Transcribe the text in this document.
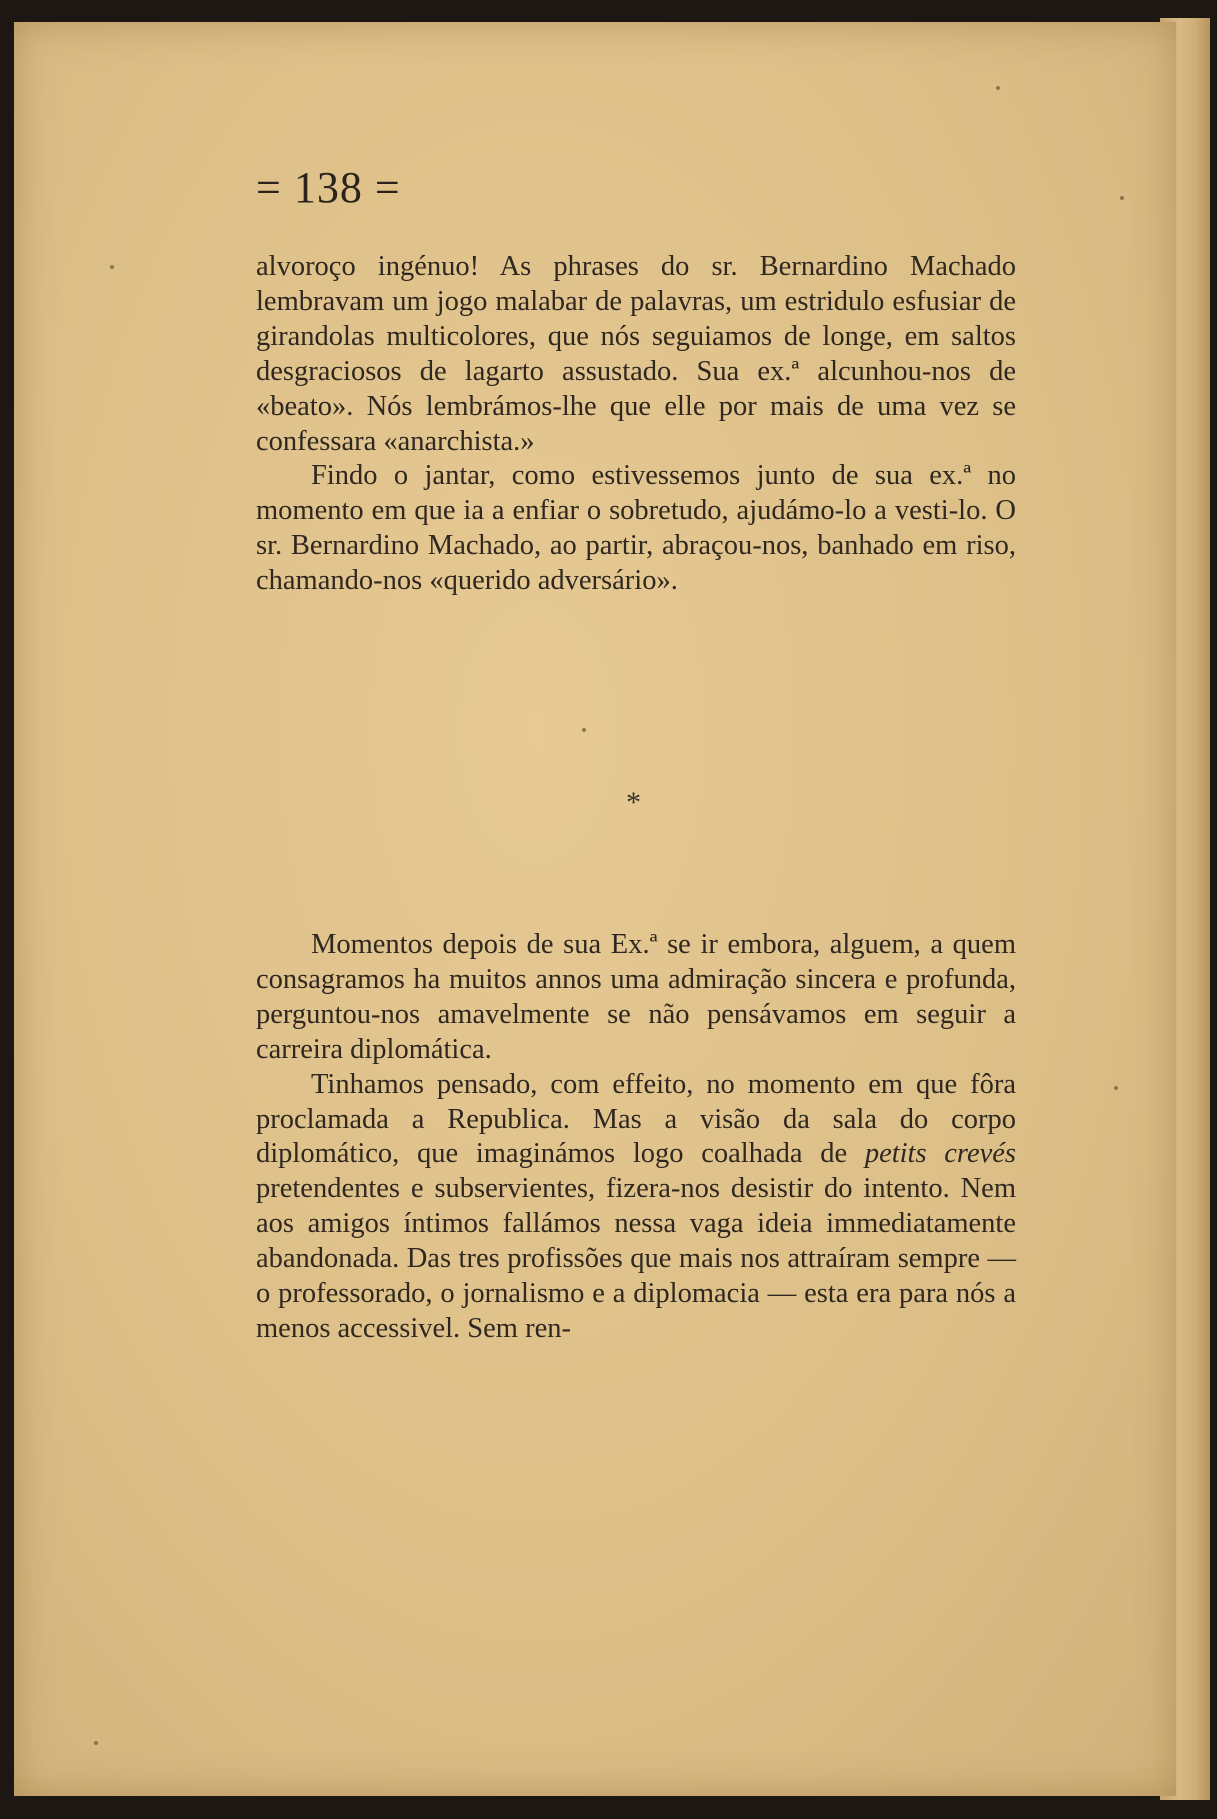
= 138 =

alvoroço ingénuo! As phrases do sr. Bernardino Machado lembravam um jogo malabar de palavras, um estridulo esfusiar de girandolas multicolores, que nós seguiamos de longe, em saltos desgraciosos de lagarto assustado. Sua ex.ª alcunhou-nos de «beato». Nós lembrámos-lhe que elle por mais de uma vez se confessara «anarchista.»

Findo o jantar, como estivessemos junto de sua ex.ª no momento em que ia a enfiar o sobretudo, ajudámo-lo a vesti-lo. O sr. Bernardino Machado, ao partir, abraçou-nos, banhado em riso, chamando-nos «querido adversário».

*

Momentos depois de sua Ex.ª se ir embora, alguem, a quem consagramos ha muitos annos uma admiração sincera e profunda, perguntou-nos amavelmente se não pensávamos em seguir a carreira diplomática.

Tinhamos pensado, com effeito, no momento em que fôra proclamada a Republica. Mas a visão da sala do corpo diplomático, que imaginámos logo coalhada de petits crevés pretendentes e subservientes, fizera-nos desistir do intento. Nem aos amigos íntimos fallámos nessa vaga ideia immediatamente abandonada. Das tres profissões que mais nos attraíram sempre — o professorado, o jornalismo e a diplomacia — esta era para nós a menos accessivel. Sem ren-
